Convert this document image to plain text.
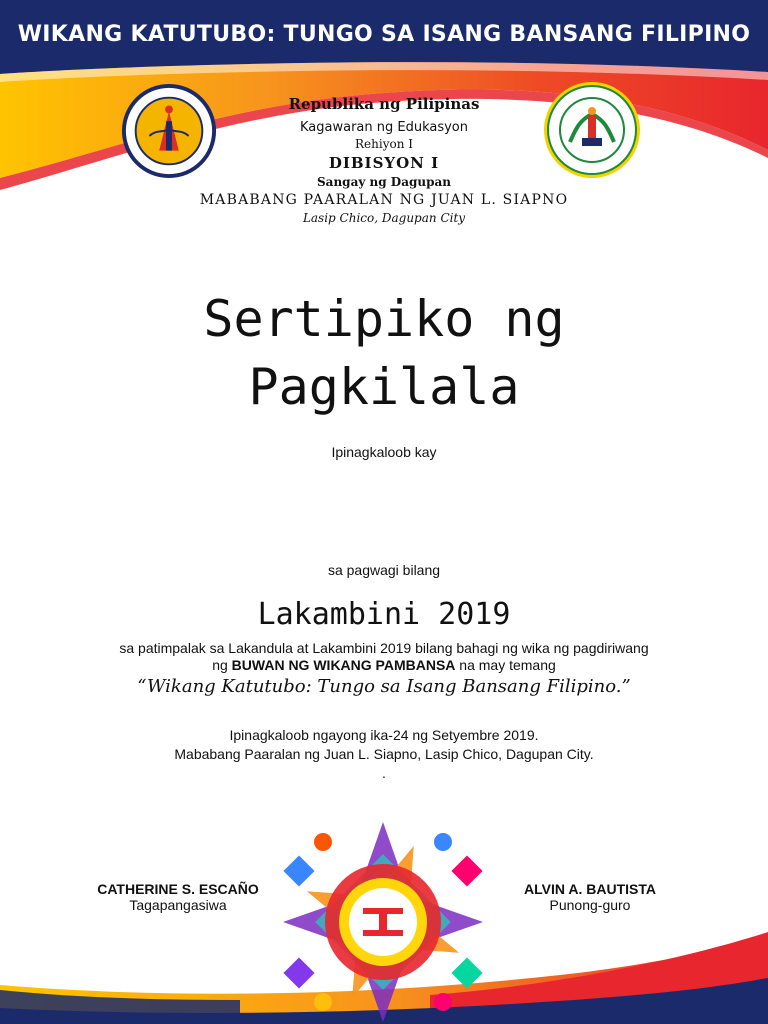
WIKANG KATUTUBO: TUNGO SA ISANG BANSANG FILIPINO
Republika ng Pilipinas
Kagawaran ng Edukasyon
Rehiyon I
DIBISYON I
Sangay ng Dagupan
MABABANG PAARALAN NG JUAN L. SIAPNO
Lasip Chico, Dagupan City
Sertipiko ng
Pagkilala
Ipinagkaloob kay
sa pagwagi bilang
Lakambini 2019
sa patimpalak sa Lakandula at Lakambini 2019 bilang bahagi ng wika ng pagdiriwang
ng BUWAN NG WIKANG PAMBANSA na may temang
“Wikang Katutubo: Tungo sa Isang Bansang Filipino.”
Ipinagkaloob ngayong ika-24 ng Setyembre 2019.
Mababang Paaralan ng Juan L. Siapno, Lasip Chico, Dagupan City.
.
CATHERINE S. ESCAÑO
Tagapangasiwa
ALVIN A. BAUTISTA
Punong-guro
